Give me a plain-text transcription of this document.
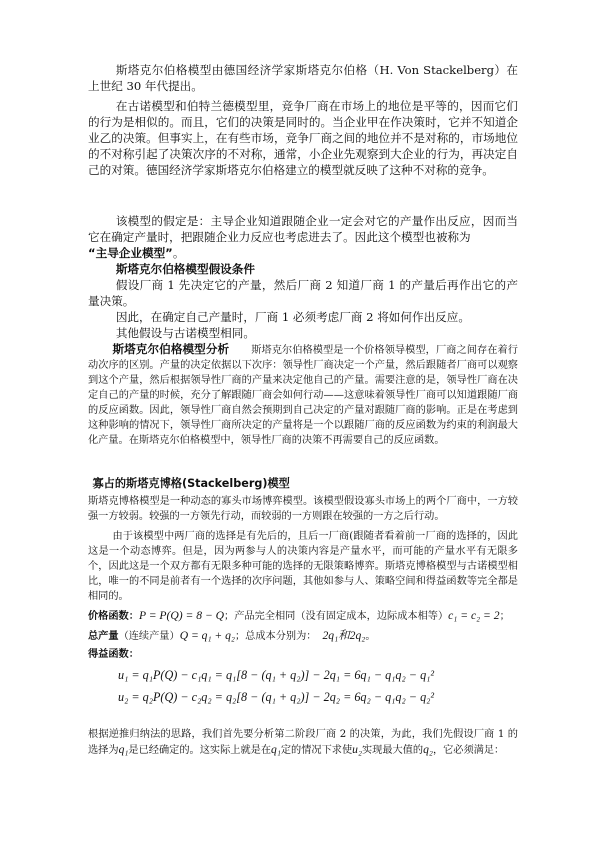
斯塔克尔伯格模型由德国经济学家斯塔克尔伯格（H. Von Stackelberg）在上世纪 30 年代提出。

在古诺模型和伯特兰德模型里，竞争厂商在市场上的地位是平等的，因而它们的行为是相似的。而且，它们的决策是同时的。当企业甲在作决策时，它并不知道企业乙的决策。但事实上，在有些市场，竞争厂商之间的地位并不是对称的，市场地位的不对称引起了决策次序的不对称，通常，小企业先观察到大企业的行为，再决定自己的对策。德国经济学家斯塔克尔伯格建立的模型就反映了这种不对称的竞争。

该模型的假定是：主导企业知道跟随企业一定会对它的产量作出反应，因而当它在确定产量时，把跟随企业力反应也考虑进去了。因此这个模型也被称为
“主导企业模型”。

斯塔克尔伯格模型假设条件

假设厂商 1 先决定它的产量，然后厂商 2 知道厂商 1 的产量后再作出它的产量决策。

因此，在确定自己产量时，厂商 1 必须考虑厂商 2 将如何作出反应。

其他假设与古诺模型相同。

斯塔克尔伯格模型分析 斯塔克尔伯格模型是一个价格领导模型，厂商之间存在着行动次序的区别。产量的决定依据以下次序：领导性厂商决定一个产量，然后跟随者厂商可以观察到这个产量，然后根据领导性厂商的产量来决定他自己的产量。需要注意的是，领导性厂商在决定自己的产量的时候，充分了解跟随厂商会如何行动——这意味着领导性厂商可以知道跟随厂商的反应函数。因此，领导性厂商自然会预期到自己决定的产量对跟随厂商的影响。正是在考虑到这种影响的情况下，领导性厂商所决定的产量将是一个以跟随厂商的反应函数为约束的利润最大化产量。在斯塔克尔伯格模型中，领导性厂商的决策不再需要自己的反应函数。

寡占的斯塔克博格(Stackelberg)模型

斯塔克博格模型是一种动态的寡头市场博弈模型。该模型假设寡头市场上的两个厂商中，一方较强一方较弱。较强的一方领先行动，而较弱的一方则跟在较强的一方之后行动。

由于该模型中两厂商的选择是有先后的，且后一厂商(跟随者看着前一厂商的选择的，因此这是一个动态博弈。但是，因为两参与人的决策内容是产量水平，而可能的产量水平有无限多个，因此这是一个双方都有无限多种可能的选择的无限策略博弈。斯塔克博格模型与古诺模型相比，唯一的不同是前者有一个选择的次序问题，其他如参与人、策略空间和得益函数等完全都是相同的。

价格函数：P = P(Q) = 8 − Q；产品完全相同（没有固定成本，边际成本相等）c₁ = c₂ = 2；

总产量（连续产量）Q = q₁ + q₂；总成本分别为： 2q₁和2q₂。

得益函数：

u₁ = q₁P(Q) − c₁q₁ = q₁[8 − (q₁ + q₂)] − 2q₁ = 6q₁ − q₁q₂ − q₁²
u₂ = q₂P(Q) − c₂q₂ = q₂[8 − (q₁ + q₂)] − 2q₂ = 6q₂ − q₁q₂ − q₂²

根据逆推归纳法的思路，我们首先要分析第二阶段厂商 2 的决策，为此，我们先假设厂商 1 的选择为q₁是已经确定的。这实际上就是在q₁定的情况下求使u₂实现最大值的q₂，它必须满足：
